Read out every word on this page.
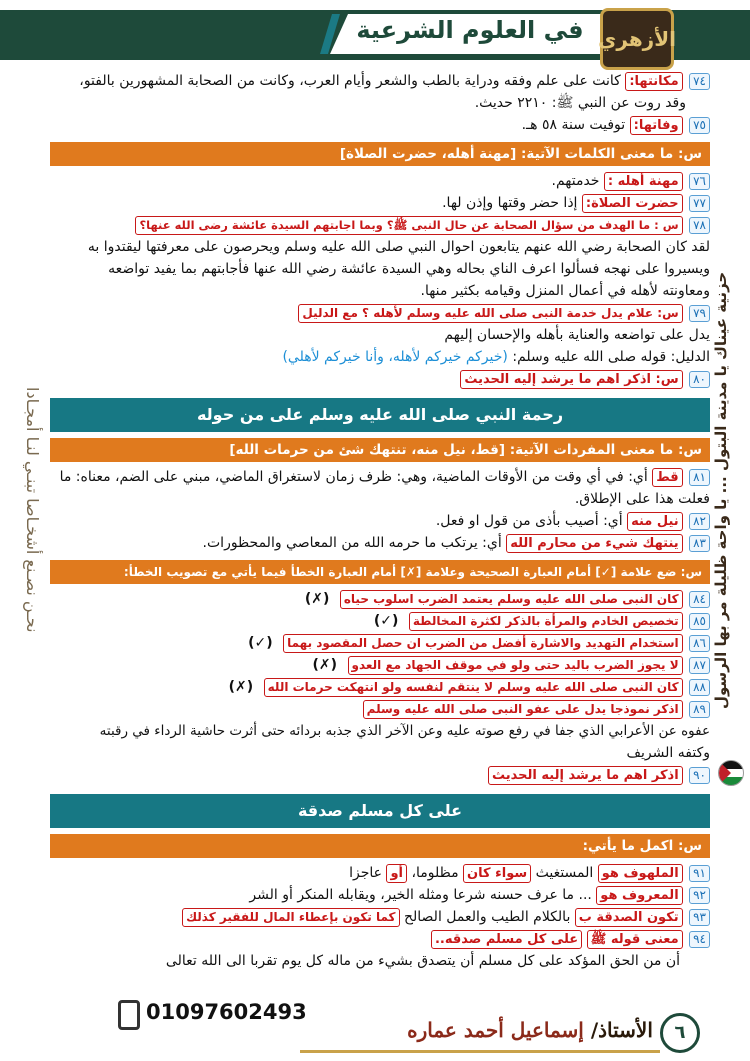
في العلوم الشرعية الأزهري
نحـن نصـنع أشخـاصا تبنـي لنـا أمجـادا	حزنية عيناك يا مدينة البتول ... يا واحة ظليلة مر بها الرسول
٧٤ مكانتها: كانت على علم وفقه ودراية بالطب والشعر وأيام العرب، وكانت من الصحابة المشهورين بالفتو،
وقد روت عن النبي ﷺ: ٢٢١٠ حديث.
٧٥ وفاتها: توفيت سنة ٥٨ هـ.
س: ما معنى الكلمات الآتية: [مهنة أهله، حضرت الصلاة]
٧٦ مهنة أهله : خدمتهم.
٧٧ حضرت الصلاة: إذا حضر وقتها وإذن لها.
٧٨ س : ما الهدف من سؤال الصحابة عن حال النبى ﷺ؟ وبما اجابتهم السيدة عائشة رضى الله عنها؟
لقد كان الصحابة رضي الله عنهم يتابعون احوال النبي صلى الله عليه وسلم ويحرصون على معرفتها ليقتدوا به
ويسيروا على نهجه فسألوا اعرف الناي بحاله وهي السيدة عائشة رضي الله عنها فأجابتهم بما يفيد تواضعه
ومعاونته لأهله في أعمال المنزل وقيامه بكثير منها.
٧٩ س: علام يدل خدمة النبى صلى الله عليه وسلم لأهله ؟ مع الدليل
يدل على تواضعه والعناية بأهله والإحسان إليهم
الدليل: قوله صلى الله عليه وسلم: (خيركم خيركم لأهله، وأنا خيركم لأهلي)
٨٠ س: اذكر اهم ما يرشد إليه الحديث
رحمة النبي صلى الله عليه وسلم على من حوله
س: ما معنى المفردات الآتية: [قط، نيل منه، تنتهك شئ من حرمات الله]
٨١ قط أي: في أي وقت من الأوقات الماضية، وهي: ظرف زمان لاستغراق الماضي، مبني على الضم، معناه: ما
فعلت هذا على الإطلاق.
٨٢ نيل منه أي: أصيب بأذى من قول او فعل.
٨٣ ينتهك شيء من محارم الله أي: يرتكب ما حرمه الله من المعاصي والمحظورات.
س: ضع علامة [✓] أمام العبارة الصحيحة وعلامة [✗] أمام العبارة الخطأ فيما يأتي مع تصويب الخطأ:
٨٤ كان النبى صلى الله عليه وسلم يعتمد الضرب اسلوب حياه (✗)
٨٥ تخصيص الخادم والمرأة بالذكر لكثرة المخالطة (✓)
٨٦ استخدام التهديد والاشارة أفضل من الضرب ان حصل المقصود بهما (✓)
٨٧ لا يجوز الضرب باليد حتى ولو في موقف الجهاد مع العدو (✗)
٨٨ كان النبى صلى الله عليه وسلم لا ينتقم لنفسه ولو انتهكت حرمات الله (✗)
٨٩ اذكر نموذجا يدل على عفو النبى صلى الله عليه وسلم
عفوه عن الأعرابي الذي جفا في رفع صوته عليه وعن الآخر الذي جذبه بردائه حتى أثرت حاشية الرداء في رقبته
وكتفه الشريف
٩٠ اذكر اهم ما يرشد إليه الحديث
على كل مسلم صدقة
س: اكمل ما يأتي:
٩١ الملهوف هو المستغيث سواء كان مظلوما، أو عاجزا
٩٢ المعروف هو ... ما عرف حسنه شرعا ومثله الخير، ويقابله المنكر أو الشر
٩٣ تكون الصدقة ب بالكلام الطيب والعمل الصالح كما تكون بإعطاء المال للفقير كذلك
٩٤ معنى قوله ﷺ على كل مسلم صدقه..
أن من الحق المؤكد على كل مسلم أن يتصدق بشيء من ماله كل يوم تقربا الى الله تعالى
01097602493
الأستاذ/ إسماعيل أحمد عماره	٦
